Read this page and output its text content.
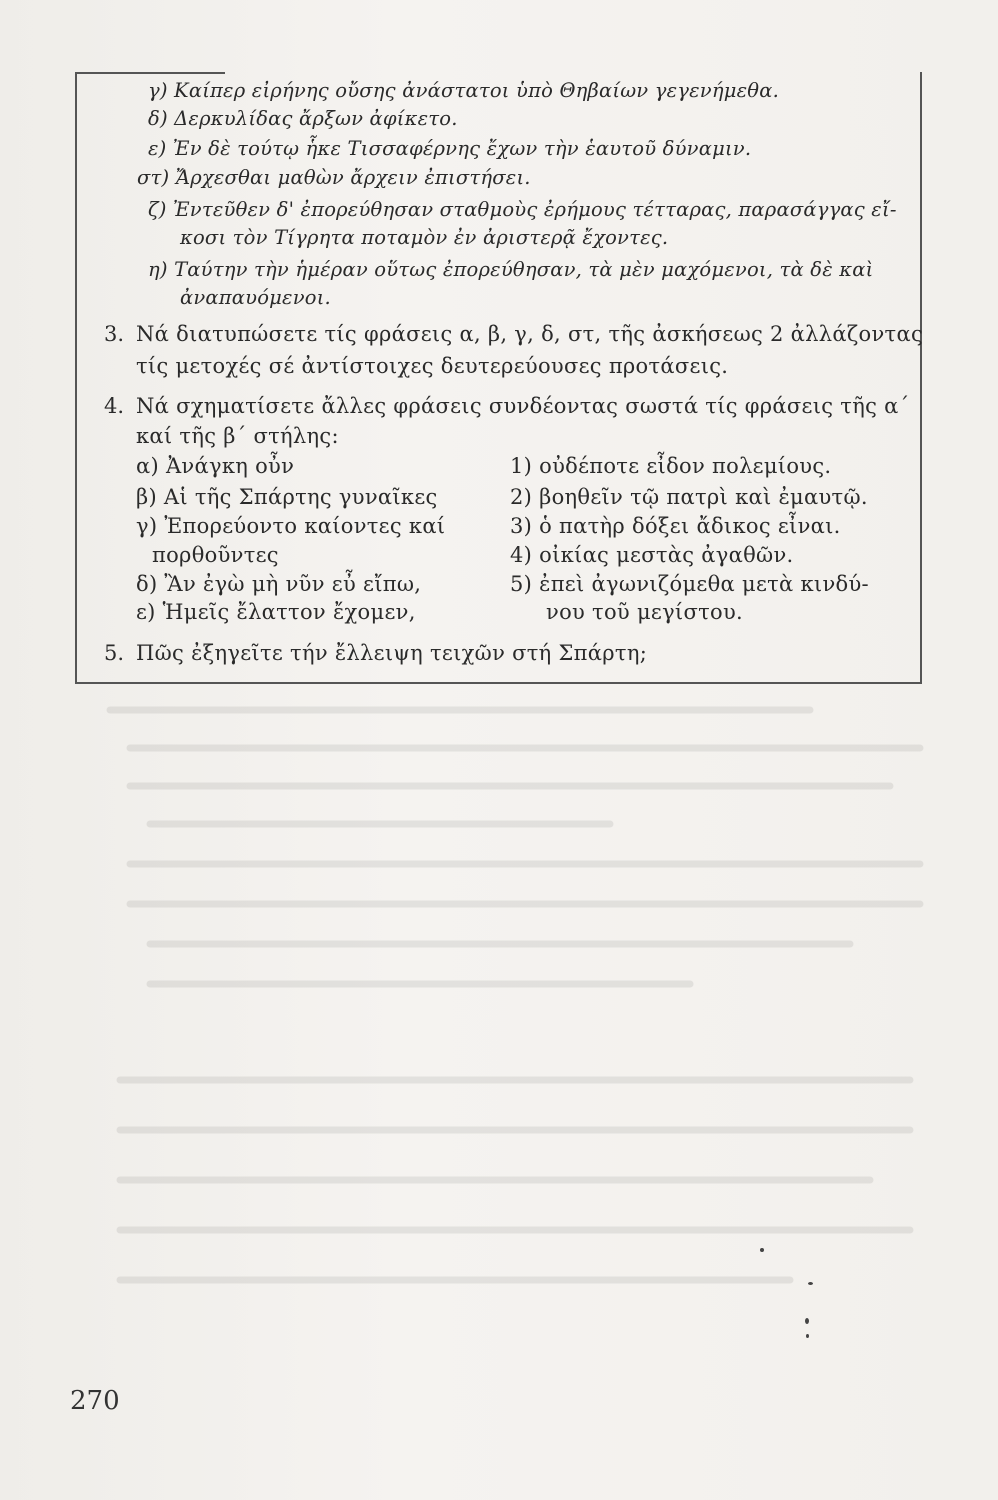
γ) Καίπερ εἰρήνης οὔσης ἀνάστατοι ὑπὸ Θηβαίων γεγενήμεθα.
δ) Δερκυλίδας ἄρξων ἀφίκετο.
ε) Ἐν δὲ τούτῳ ἧκε Τισσαφέρνης ἔχων τὴν ἑαυτοῦ δύναμιν.
στ) Ἄρχεσθαι μαθὼν ἄρχειν ἐπιστήσει.
ζ) Ἐντεῦθεν δ' ἐπορεύθησαν σταθμοὺς ἐρήμους τέτταρας, παρασάγγας εἴ-
κοσι τὸν Τίγρητα ποταμὸν ἐν ἀριστερᾷ ἔχοντες.
η) Ταύτην τὴν ἡμέραν οὕτως ἐπορεύθησαν, τὰ μὲν μαχόμενοι, τὰ δὲ καὶ
ἀναπαυόμενοι.
3. Νά διατυπώσετε τίς φράσεις α, β, γ, δ, στ, τῆς ἀσκήσεως 2 ἀλλάζοντας
τίς μετοχές σέ ἀντίστοιχες δευτερεύουσες προτάσεις.
4. Νά σχηματίσετε ἄλλες φράσεις συνδέοντας σωστά τίς φράσεις τῆς α΄
καί τῆς β΄ στήλης:
α) Ἀνάγκη οὖν
β) Αἱ τῆς Σπάρτης γυναῖκες
γ) Ἐπορεύοντο καίοντες καί
πορθοῦντες
δ) Ἂν ἐγὼ μὴ νῦν εὖ εἴπω,
ε) Ἡμεῖς ἔλαττον ἔχομεν,
1) οὐδέποτε εἶδον πολεμίους.
2) βοηθεῖν τῷ πατρὶ καὶ ἐμαυτῷ.
3) ὁ πατὴρ δόξει ἄδικος εἶναι.
4) οἰκίας μεστὰς ἀγαθῶν.
5) ἐπεὶ ἀγωνιζόμεθα μετὰ κινδύ-
νου τοῦ μεγίστου.
5. Πῶς ἐξηγεῖτε τήν ἔλλειψη τειχῶν στή Σπάρτη;
270
